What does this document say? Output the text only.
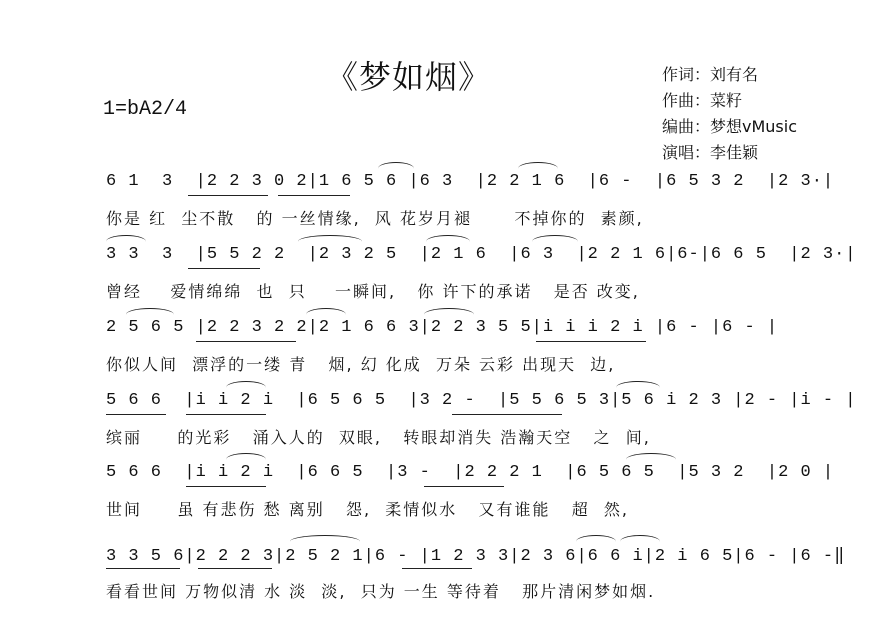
《梦如烟》
1=bA2/4
作词：刘有名
作曲：菜籽
编曲：梦想vMusic
演唱：李佳颖
6 1  3  |2 2 3 0 2|1 6 5 6 |6 3  |2 2 1 6  |6 -  |6 5 3 2  |2 3·|
你是 红  尘不散   的 一丝情缘,  风 花岁月褪      不掉你的  素颜,
3 3  3  |5 5 2 2  |2 3 2 5  |2 1 6  |6 3  |2 2 1 6|6-|6 6 5  |2 3·|
曾经    爱情绵绵  也  只    一瞬间,   你 许下的承诺   是否 改变,
2 5 6 5 |2 2 3 2 2|2 1 6 6 3|2 2 3 5 5|i i i 2 i |6 - |6 - |
你似人间  漂浮的一缕 青   烟, 幻 化成  万朵 云彩 出现天  边,
5 6 6  |i i 2 i  |6 5 6 5  |3 2 -  |5 5 6 5 3|5 6 i 2 3 |2 - |i - |
缤丽     的光彩   涌入人的  双眼,   转眼却消失 浩瀚天空   之  间,
5 6 6  |i i 2 i  |6 6 5  |3 -  |2 2 2 1  |6 5 6 5  |5 3 2  |2 0 |
世间     虽 有悲伤 愁 离别   怨,  柔情似水   又有谁能   超  然,
3 3 5 6|2 2 2 3|2 5 2 1|6 - |1 2 3 3|2 3 6|6 6 i|2 i 6 5|6 - |6 -‖
看看世间 万物似清 水 淡  淡,  只为 一生 等待着   那片清闲梦如烟.
